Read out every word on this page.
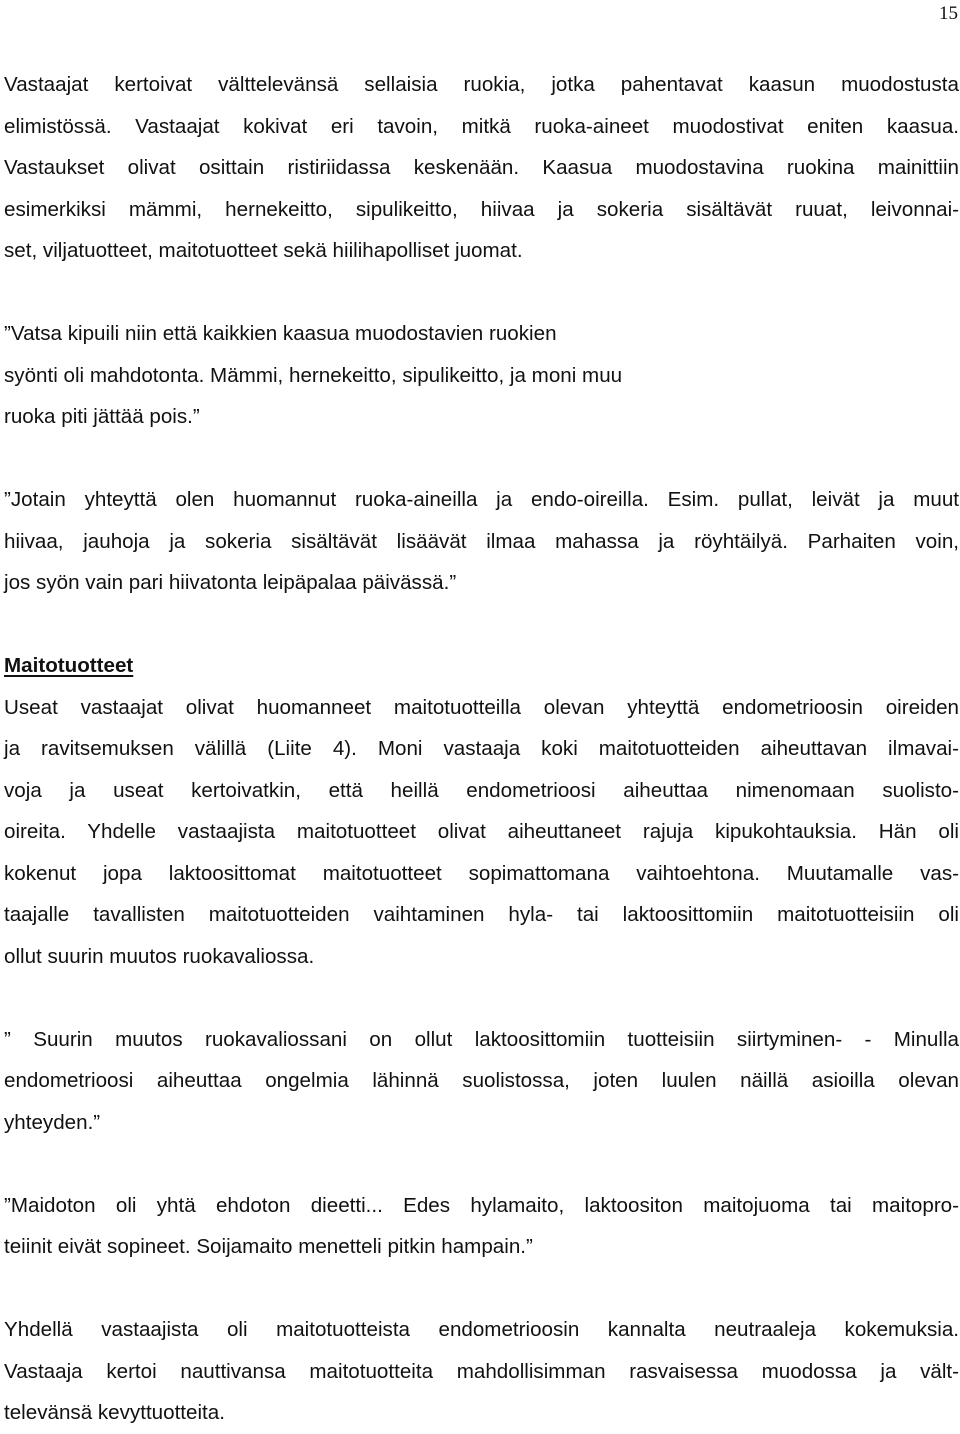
15
Vastaajat kertoivat välttelevänsä sellaisia ruokia, jotka pahentavat kaasun muodostusta
elimistössä. Vastaajat kokivat eri tavoin, mitkä ruoka-aineet muodostivat eniten kaasua.
Vastaukset olivat osittain ristiriidassa keskenään. Kaasua muodostavina ruokina mainittiin
esimerkiksi mämmi, hernekeitto, sipulikeitto, hiivaa ja sokeria sisältävät ruuat, leivonnai-
set, viljatuotteet, maitotuotteet sekä hiilihapolliset juomat.
”Vatsa kipuili niin että kaikkien kaasua muodostavien ruokien
syönti oli mahdotonta. Mämmi, hernekeitto, sipulikeitto, ja moni muu
ruoka piti jättää pois.”
”Jotain yhteyttä olen huomannut ruoka-aineilla ja endo-oireilla. Esim. pullat, leivät ja muut
hiivaa, jauhoja ja sokeria sisältävät lisäävät ilmaa mahassa ja röyhtäilyä. Parhaiten voin,
jos syön vain pari hiivatonta leipäpalaa päivässä.”
Maitotuotteet
Useat vastaajat olivat huomanneet maitotuotteilla olevan yhteyttä endometrioosin oireiden
ja ravitsemuksen välillä (Liite 4). Moni vastaaja koki maitotuotteiden aiheuttavan ilmavai-
voja ja useat kertoivatkin, että heillä endometrioosi aiheuttaa nimenomaan suolisto-
oireita. Yhdelle vastaajista maitotuotteet olivat aiheuttaneet rajuja kipukohtauksia. Hän oli
kokenut jopa laktoosittomat maitotuotteet sopimattomana vaihtoehtona. Muutamalle vas-
taajalle tavallisten maitotuotteiden vaihtaminen hyla- tai laktoosittomiin maitotuotteisiin oli
ollut suurin muutos ruokavaliossa.
” Suurin muutos ruokavaliossani on ollut laktoosittomiin tuotteisiin siirtyminen- - Minulla
endometrioosi aiheuttaa ongelmia lähinnä suolistossa, joten luulen näillä asioilla olevan
yhteyden.”
”Maidoton oli yhtä ehdoton dieetti... Edes hylamaito, laktoositon maitojuoma tai maitopro-
teiinit eivät sopineet. Soijamaito menetteli pitkin hampain.”
Yhdellä vastaajista oli maitotuotteista endometrioosin kannalta neutraaleja kokemuksia.
Vastaaja kertoi nauttivansa maitotuotteita mahdollisimman rasvaisessa muodossa ja vält-
televänsä kevyttuotteita.
